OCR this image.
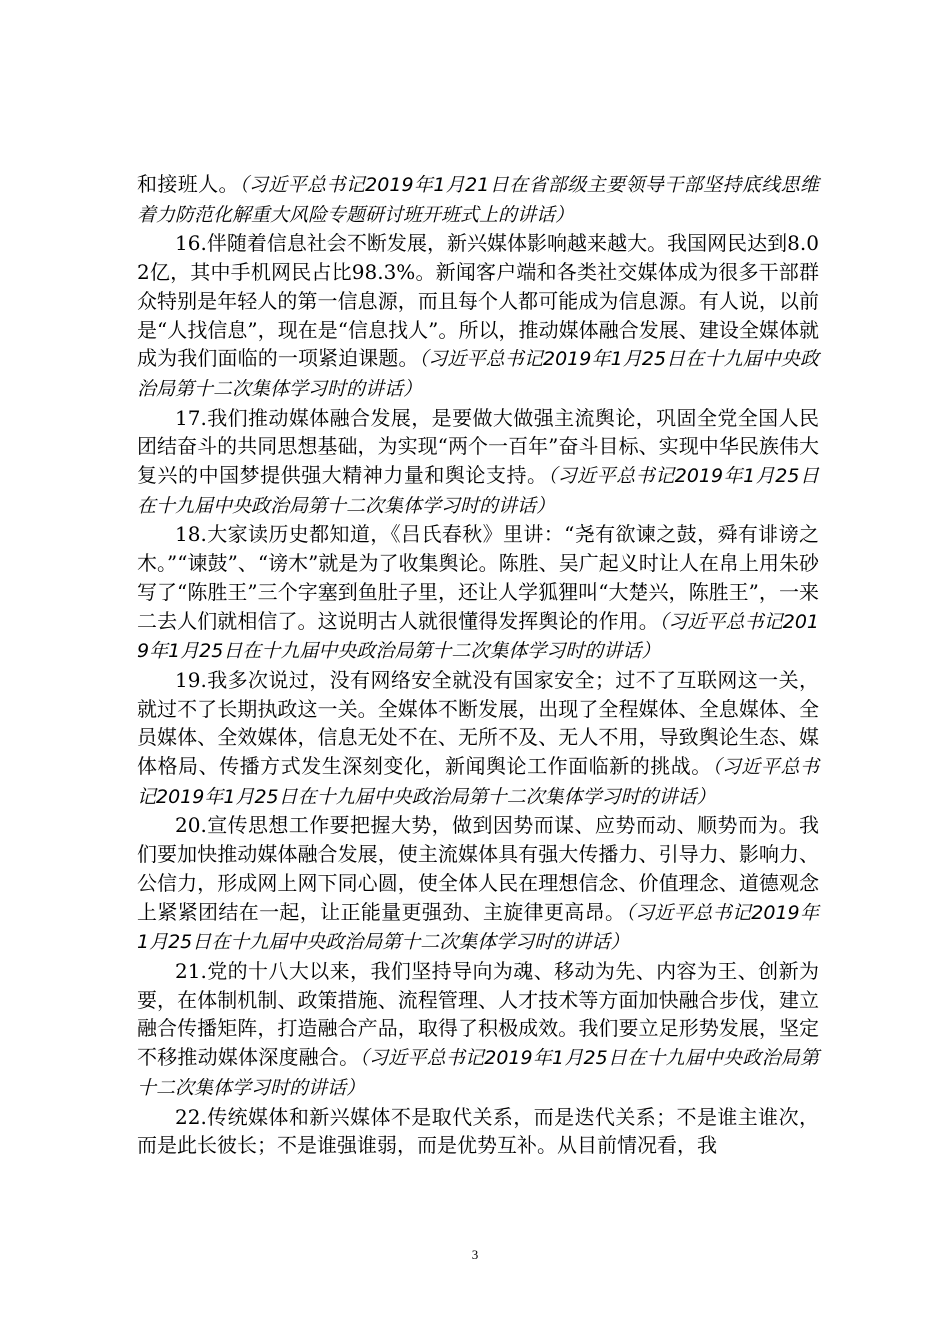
和接班人。（习近平总书记2019年1月21日在省部级主要领导干部坚持底线思维着力防范化解重大风险专题研讨班开班式上的讲话）

16.伴随着信息社会不断发展，新兴媒体影响越来越大。我国网民达到8.02亿，其中手机网民占比98.3%。新闻客户端和各类社交媒体成为很多干部群众特别是年轻人的第一信息源，而且每个人都可能成为信息源。有人说，以前是“人找信息”，现在是“信息找人”。所以，推动媒体融合发展、建设全媒体就成为我们面临的一项紧迫课题。（习近平总书记2019年1月25日在十九届中央政治局第十二次集体学习时的讲话）

17.我们推动媒体融合发展，是要做大做强主流舆论，巩固全党全国人民团结奋斗的共同思想基础，为实现“两个一百年”奋斗目标、实现中华民族伟大复兴的中国梦提供强大精神力量和舆论支持。（习近平总书记2019年1月25日在十九届中央政治局第十二次集体学习时的讲话）

18.大家读历史都知道，《吕氏春秋》里讲：“尧有欲谏之鼓，舜有诽谤之木。”“谏鼓”、“谤木”就是为了收集舆论。陈胜、吴广起义时让人在帛上用朱砂写了“陈胜王”三个字塞到鱼肚子里，还让人学狐狸叫“大楚兴，陈胜王”，一来二去人们就相信了。这说明古人就很懂得发挥舆论的作用。（习近平总书记2019年1月25日在十九届中央政治局第十二次集体学习时的讲话）

19.我多次说过，没有网络安全就没有国家安全；过不了互联网这一关，就过不了长期执政这一关。全媒体不断发展，出现了全程媒体、全息媒体、全员媒体、全效媒体，信息无处不在、无所不及、无人不用，导致舆论生态、媒体格局、传播方式发生深刻变化，新闻舆论工作面临新的挑战。（习近平总书记2019年1月25日在十九届中央政治局第十二次集体学习时的讲话）

20.宣传思想工作要把握大势，做到因势而谋、应势而动、顺势而为。我们要加快推动媒体融合发展，使主流媒体具有强大传播力、引导力、影响力、公信力，形成网上网下同心圆，使全体人民在理想信念、价值理念、道德观念上紧紧团结在一起，让正能量更强劲、主旋律更高昂。（习近平总书记2019年1月25日在十九届中央政治局第十二次集体学习时的讲话）

21.党的十八大以来，我们坚持导向为魂、移动为先、内容为王、创新为要，在体制机制、政策措施、流程管理、人才技术等方面加快融合步伐，建立融合传播矩阵，打造融合产品，取得了积极成效。我们要立足形势发展，坚定不移推动媒体深度融合。（习近平总书记2019年1月25日在十九届中央政治局第十二次集体学习时的讲话）

22.传统媒体和新兴媒体不是取代关系，而是迭代关系；不是谁主谁次，而是此长彼长；不是谁强谁弱，而是优势互补。从目前情况看，我

3
